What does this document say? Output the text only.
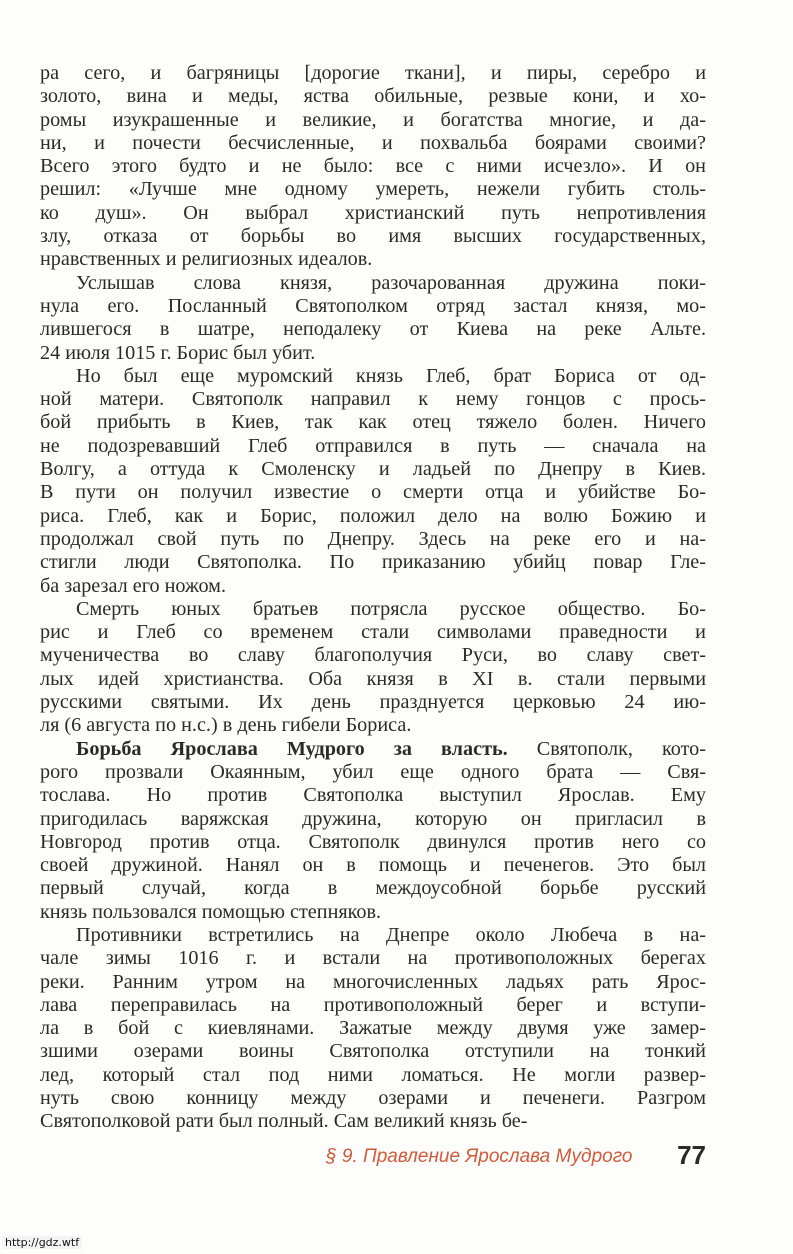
ра сего, и багряницы [дорогие ткани], и пиры, серебро и
золото, вина и меды, яства обильные, резвые кони, и хо-
ромы изукрашенные и великие, и богатства многие, и да-
ни, и почести бесчисленные, и похвальба боярами своими?
Всего этого будто и не было: все с ними исчезло». И он
решил: «Лучше мне одному умереть, нежели губить столь-
ко душ». Он выбрал христианский путь непротивления
злу, отказа от борьбы во имя высших государственных,
нравственных и религиозных идеалов.
Услышав слова князя, разочарованная дружина поки-
нула его. Посланный Святополком отряд застал князя, мо-
лившегося в шатре, неподалеку от Киева на реке Альте.
24 июля 1015 г. Борис был убит.
Но был еще муромский князь Глеб, брат Бориса от од-
ной матери. Святополк направил к нему гонцов с прось-
бой прибыть в Киев, так как отец тяжело болен. Ничего
не подозревавший Глеб отправился в путь — сначала на
Волгу, а оттуда к Смоленску и ладьей по Днепру в Киев.
В пути он получил известие о смерти отца и убийстве Бо-
риса. Глеб, как и Борис, положил дело на волю Божию и
продолжал свой путь по Днепру. Здесь на реке его и на-
стигли люди Святополка. По приказанию убийц повар Гле-
ба зарезал его ножом.
Смерть юных братьев потрясла русское общество. Бо-
рис и Глеб со временем стали символами праведности и
мученичества во славу благополучия Руси, во славу свет-
лых идей христианства. Оба князя в XI в. стали первыми
русскими святыми. Их день празднуется церковью 24 ию-
ля (6 августа по н.с.) в день гибели Бориса.
Борьба Ярослава Мудрого за власть. Святополк, кото-
рого прозвали Окаянным, убил еще одного брата — Свя-
тослава. Но против Святополка выступил Ярослав. Ему
пригодилась варяжская дружина, которую он пригласил в
Новгород против отца. Святополк двинулся против него со
своей дружиной. Нанял он в помощь и печенегов. Это был
первый случай, когда в междоусобной борьбе русский
князь пользовался помощью степняков.
Противники встретились на Днепре около Любеча в на-
чале зимы 1016 г. и встали на противоположных берегах
реки. Ранним утром на многочисленных ладьях рать Ярос-
лава переправилась на противоположный берег и вступи-
ла в бой с киевлянами. Зажатые между двумя уже замер-
зшими озерами воины Святополка отступили на тонкий
лед, который стал под ними ломаться. Не могли развер-
нуть свою конницу между озерами и печенеги. Разгром
Святополковой рати был полный. Сам великий князь бе-
§ 9. Правление Ярослава Мудрого 77
http://gdz.wtf
